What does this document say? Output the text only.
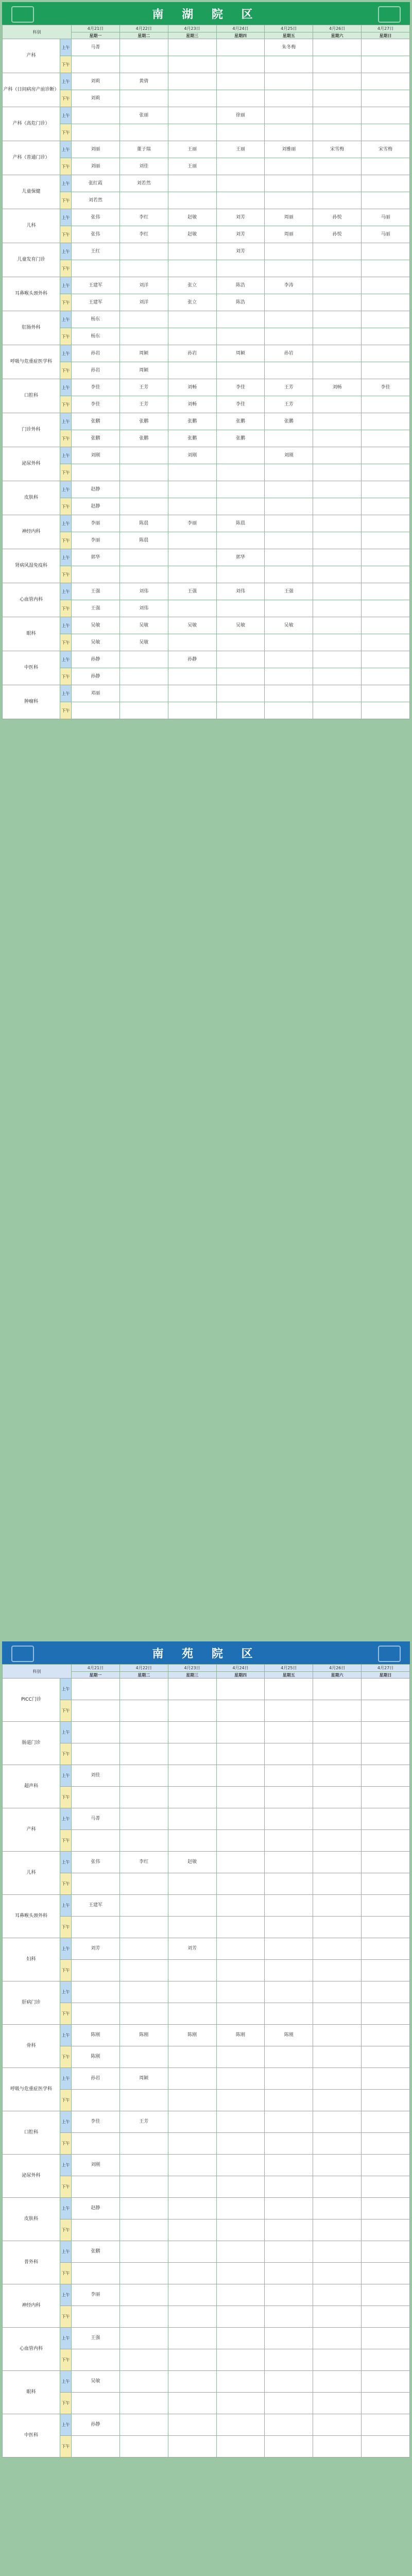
南 湖 院 区
科别		4月21日	4月22日	4月23日	4月24日	4月25日	4月26日	4月27日
		星期一	星期二	星期三	星期四	星期五	星期六	星期日
产科	上午	马菁				朱冬梅		
	下午							
产科（日间病房产前诊断）	上午	刘莉	黄倩					
	下午	刘莉						
产科（高危门诊）	上午		张丽		徐丽			
	下午							
产科（普通门诊）	上午	刘丽	董子瑞	王丽	王丽	刘雅丽	宋雪梅	宋雪梅
	下午	刘丽	刘佳	王丽				
儿童保健	上午	张红霞	刘若然					
	下午	刘若然						
儿科	上午	张伟	李红	赵敏	刘芳	周丽	孙悦	马丽
	下午	张伟	李红	赵敏	刘芳	周丽	孙悦	马丽
儿童发育门诊	上午	王红			刘芳			
	下午							
耳鼻喉头颈外科	上午	王建军	刘洋	张立	陈浩	李涛		
	下午	王建军	刘洋	张立	陈浩			
肛肠外科	上午	杨东						
	下午	杨东						
呼吸与危重症医学科	上午	孙岩	周颖	孙岩	周颖	孙岩		
	下午	孙岩	周颖					
口腔科	上午	李佳	王芳	刘畅	李佳	王芳	刘畅	李佳
	下午	李佳	王芳	刘畅	李佳	王芳		
门诊外科	上午	张鹏	张鹏	张鹏	张鹏	张鹏		
	下午	张鹏	张鹏	张鹏	张鹏			
泌尿外科	上午	刘刚		刘刚		刘刚		
	下午							
皮肤科	上午	赵静						
	下午	赵静						
神经内科	上午	李丽	陈晨	李丽	陈晨			
	下午	李丽	陈晨					
肾病风湿免疫科	上午	郭华			郭华			
	下午							
心血管内科	上午	王强	刘伟	王强	刘伟	王强		
	下午	王强	刘伟					
眼科	上午	吴敏	吴敏	吴敏	吴敏	吴敏		
	下午	吴敏	吴敏					
中医科	上午	孙静		孙静				
	下午	孙静						
肿瘤科	上午	邓丽						
	下午							
南 苑 院 区
科别		4月21日	4月22日	4月23日	4月24日	4月25日	4月26日	4月27日
		星期一	星期二	星期三	星期四	星期五	星期六	星期日
PICC门诊	上午							
	下午							
肠道门诊	上午							
	下午							
超声科	上午	刘佳						
	下午							
产科	上午	马菁						
	下午							
儿科	上午	张伟	李红	赵敏				
	下午							
耳鼻喉头颈外科	上午	王建军						
	下午							
妇科	上午	刘芳		刘芳				
	下午							
肝病门诊	上午							
	下午							
骨科	上午	陈刚	陈刚	陈刚	陈刚	陈刚		
	下午	陈刚						
呼吸与危重症医学科	上午	孙岩	周颖					
	下午							
口腔科	上午	李佳	王芳					
	下午							
泌尿外科	上午	刘刚						
	下午							
皮肤科	上午	赵静						
	下午							
普外科	上午	张鹏						
	下午							
神经内科	上午	李丽						
	下午							
心血管内科	上午	王强						
	下午							
眼科	上午	吴敏						
	下午							
中医科	上午	孙静						
	下午							
